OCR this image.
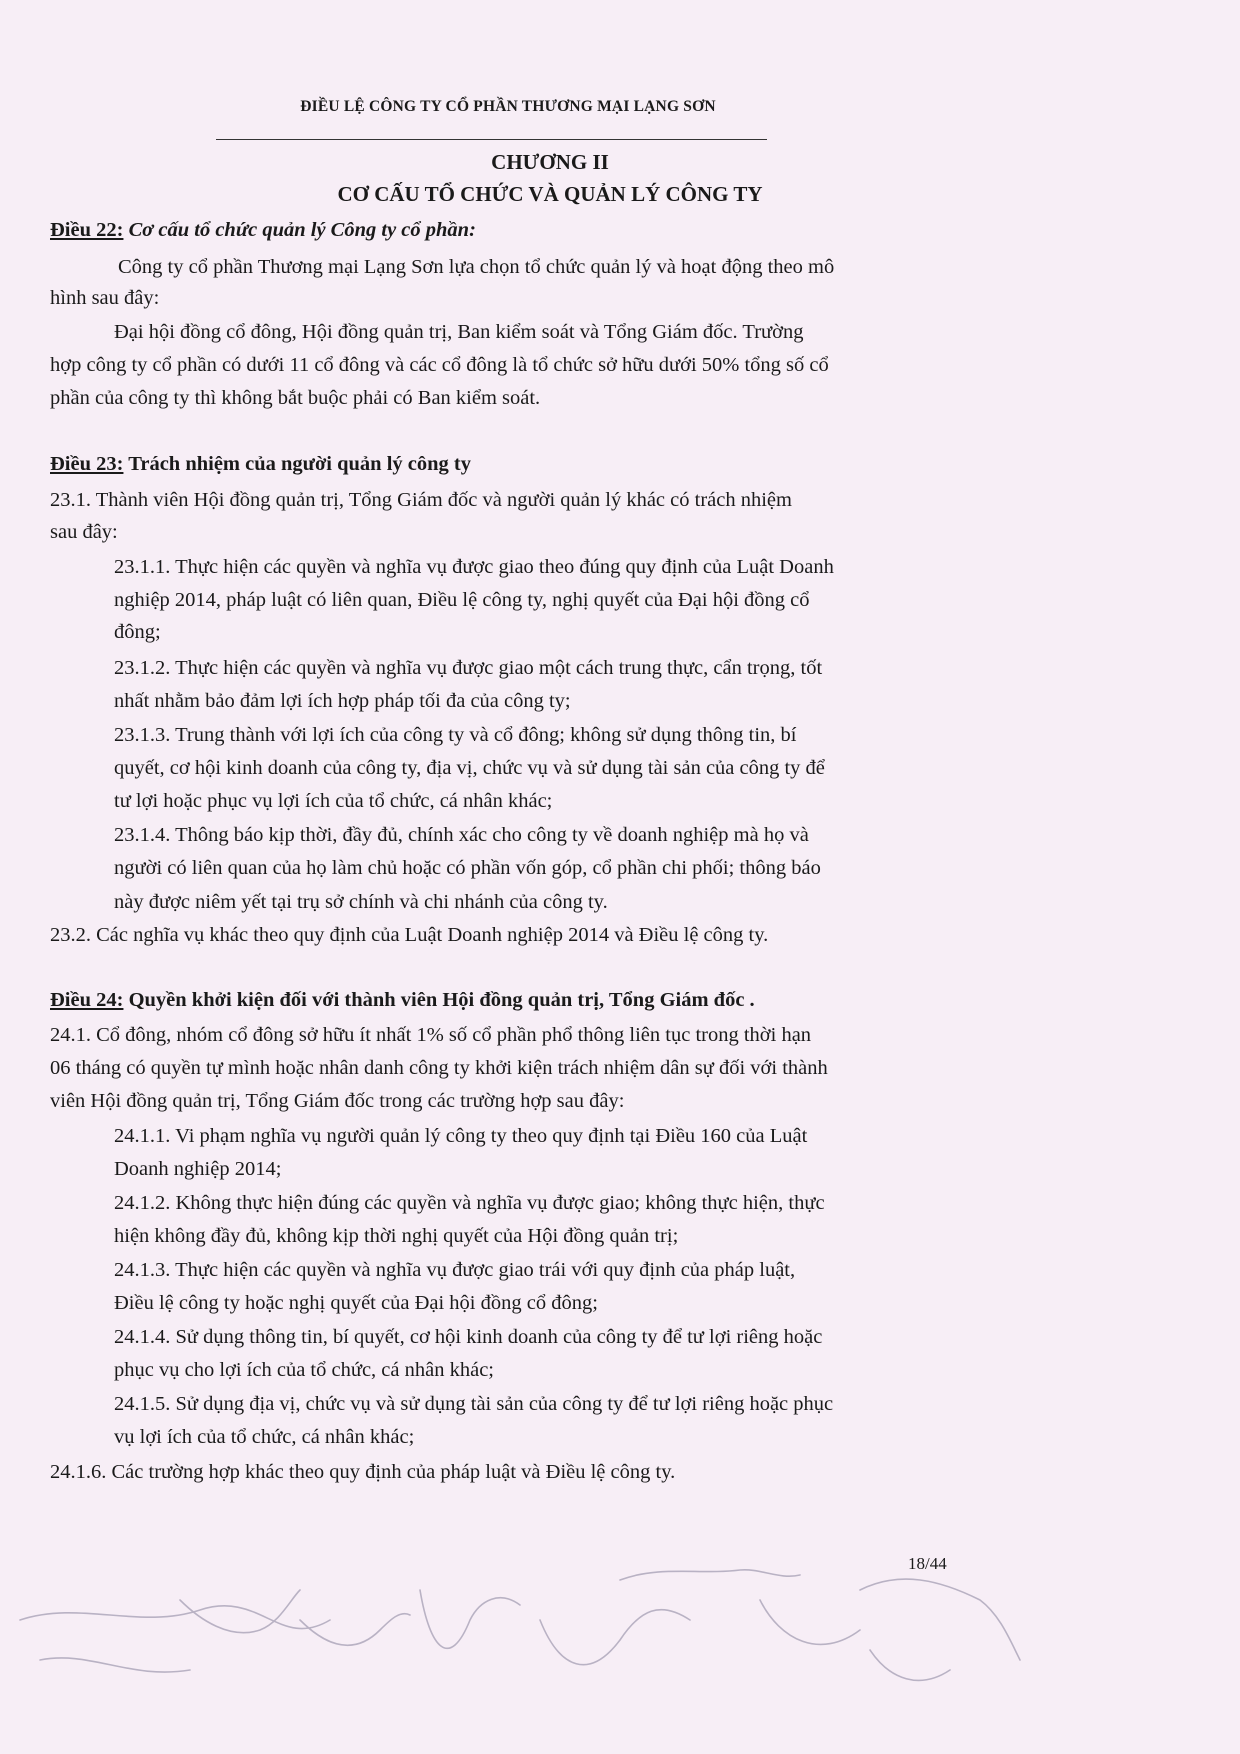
ĐIỀU LỆ CÔNG TY CỔ PHẦN THƯƠNG MẠI LẠNG SƠN
CHƯƠNG II
CƠ CẤU TỔ CHỨC VÀ QUẢN LÝ CÔNG TY
Điều 22: Cơ cấu tổ chức quản lý Công ty cổ phần:
Công ty cổ phần Thương mại Lạng Sơn lựa chọn tổ chức quản lý và hoạt động theo mô
hình sau đây:
Đại hội đồng cổ đông, Hội đồng quản trị, Ban kiểm soát và Tổng Giám đốc. Trường
hợp công ty cổ phần có dưới 11 cổ đông và các cổ đông là tổ chức sở hữu dưới 50% tổng số cổ
phần của công ty thì không bắt buộc phải có Ban kiểm soát.
Điều 23: Trách nhiệm của người quản lý công ty
23.1. Thành viên Hội đồng quản trị, Tổng Giám đốc và người quản lý khác có trách nhiệm
sau đây:
23.1.1. Thực hiện các quyền và nghĩa vụ được giao theo đúng quy định của Luật Doanh
nghiệp 2014, pháp luật có liên quan, Điều lệ công ty, nghị quyết của Đại hội đồng cổ
đông;
23.1.2. Thực hiện các quyền và nghĩa vụ được giao một cách trung thực, cẩn trọng, tốt
nhất nhằm bảo đảm lợi ích hợp pháp tối đa của công ty;
23.1.3. Trung thành với lợi ích của công ty và cổ đông; không sử dụng thông tin, bí
quyết, cơ hội kinh doanh của công ty, địa vị, chức vụ và sử dụng tài sản của công ty để
tư lợi hoặc phục vụ lợi ích của tổ chức, cá nhân khác;
23.1.4. Thông báo kịp thời, đầy đủ, chính xác cho công ty về doanh nghiệp mà họ và
người có liên quan của họ làm chủ hoặc có phần vốn góp, cổ phần chi phối; thông báo
này được niêm yết tại trụ sở chính và chi nhánh của công ty.
23.2. Các nghĩa vụ khác theo quy định của Luật Doanh nghiệp 2014 và Điều lệ công ty.
Điều 24: Quyền khởi kiện đối với thành viên Hội đồng quản trị, Tổng Giám đốc .
24.1. Cổ đông, nhóm cổ đông sở hữu ít nhất 1% số cổ phần phổ thông liên tục trong thời hạn
06 tháng có quyền tự mình hoặc nhân danh công ty khởi kiện trách nhiệm dân sự đối với thành
viên Hội đồng quản trị, Tổng Giám đốc trong các trường hợp sau đây:
24.1.1. Vi phạm nghĩa vụ người quản lý công ty theo quy định tại Điều 160 của Luật
Doanh nghiệp 2014;
24.1.2. Không thực hiện đúng các quyền và nghĩa vụ được giao; không thực hiện, thực
hiện không đầy đủ, không kịp thời nghị quyết của Hội đồng quản trị;
24.1.3. Thực hiện các quyền và nghĩa vụ được giao trái với quy định của pháp luật,
Điều lệ công ty hoặc nghị quyết của Đại hội đồng cổ đông;
24.1.4. Sử dụng thông tin, bí quyết, cơ hội kinh doanh của công ty để tư lợi riêng hoặc
phục vụ cho lợi ích của tổ chức, cá nhân khác;
24.1.5. Sử dụng địa vị, chức vụ và sử dụng tài sản của công ty để tư lợi riêng hoặc phục
vụ lợi ích của tổ chức, cá nhân khác;
24.1.6. Các trường hợp khác theo quy định của pháp luật và Điều lệ công ty.
18/44
